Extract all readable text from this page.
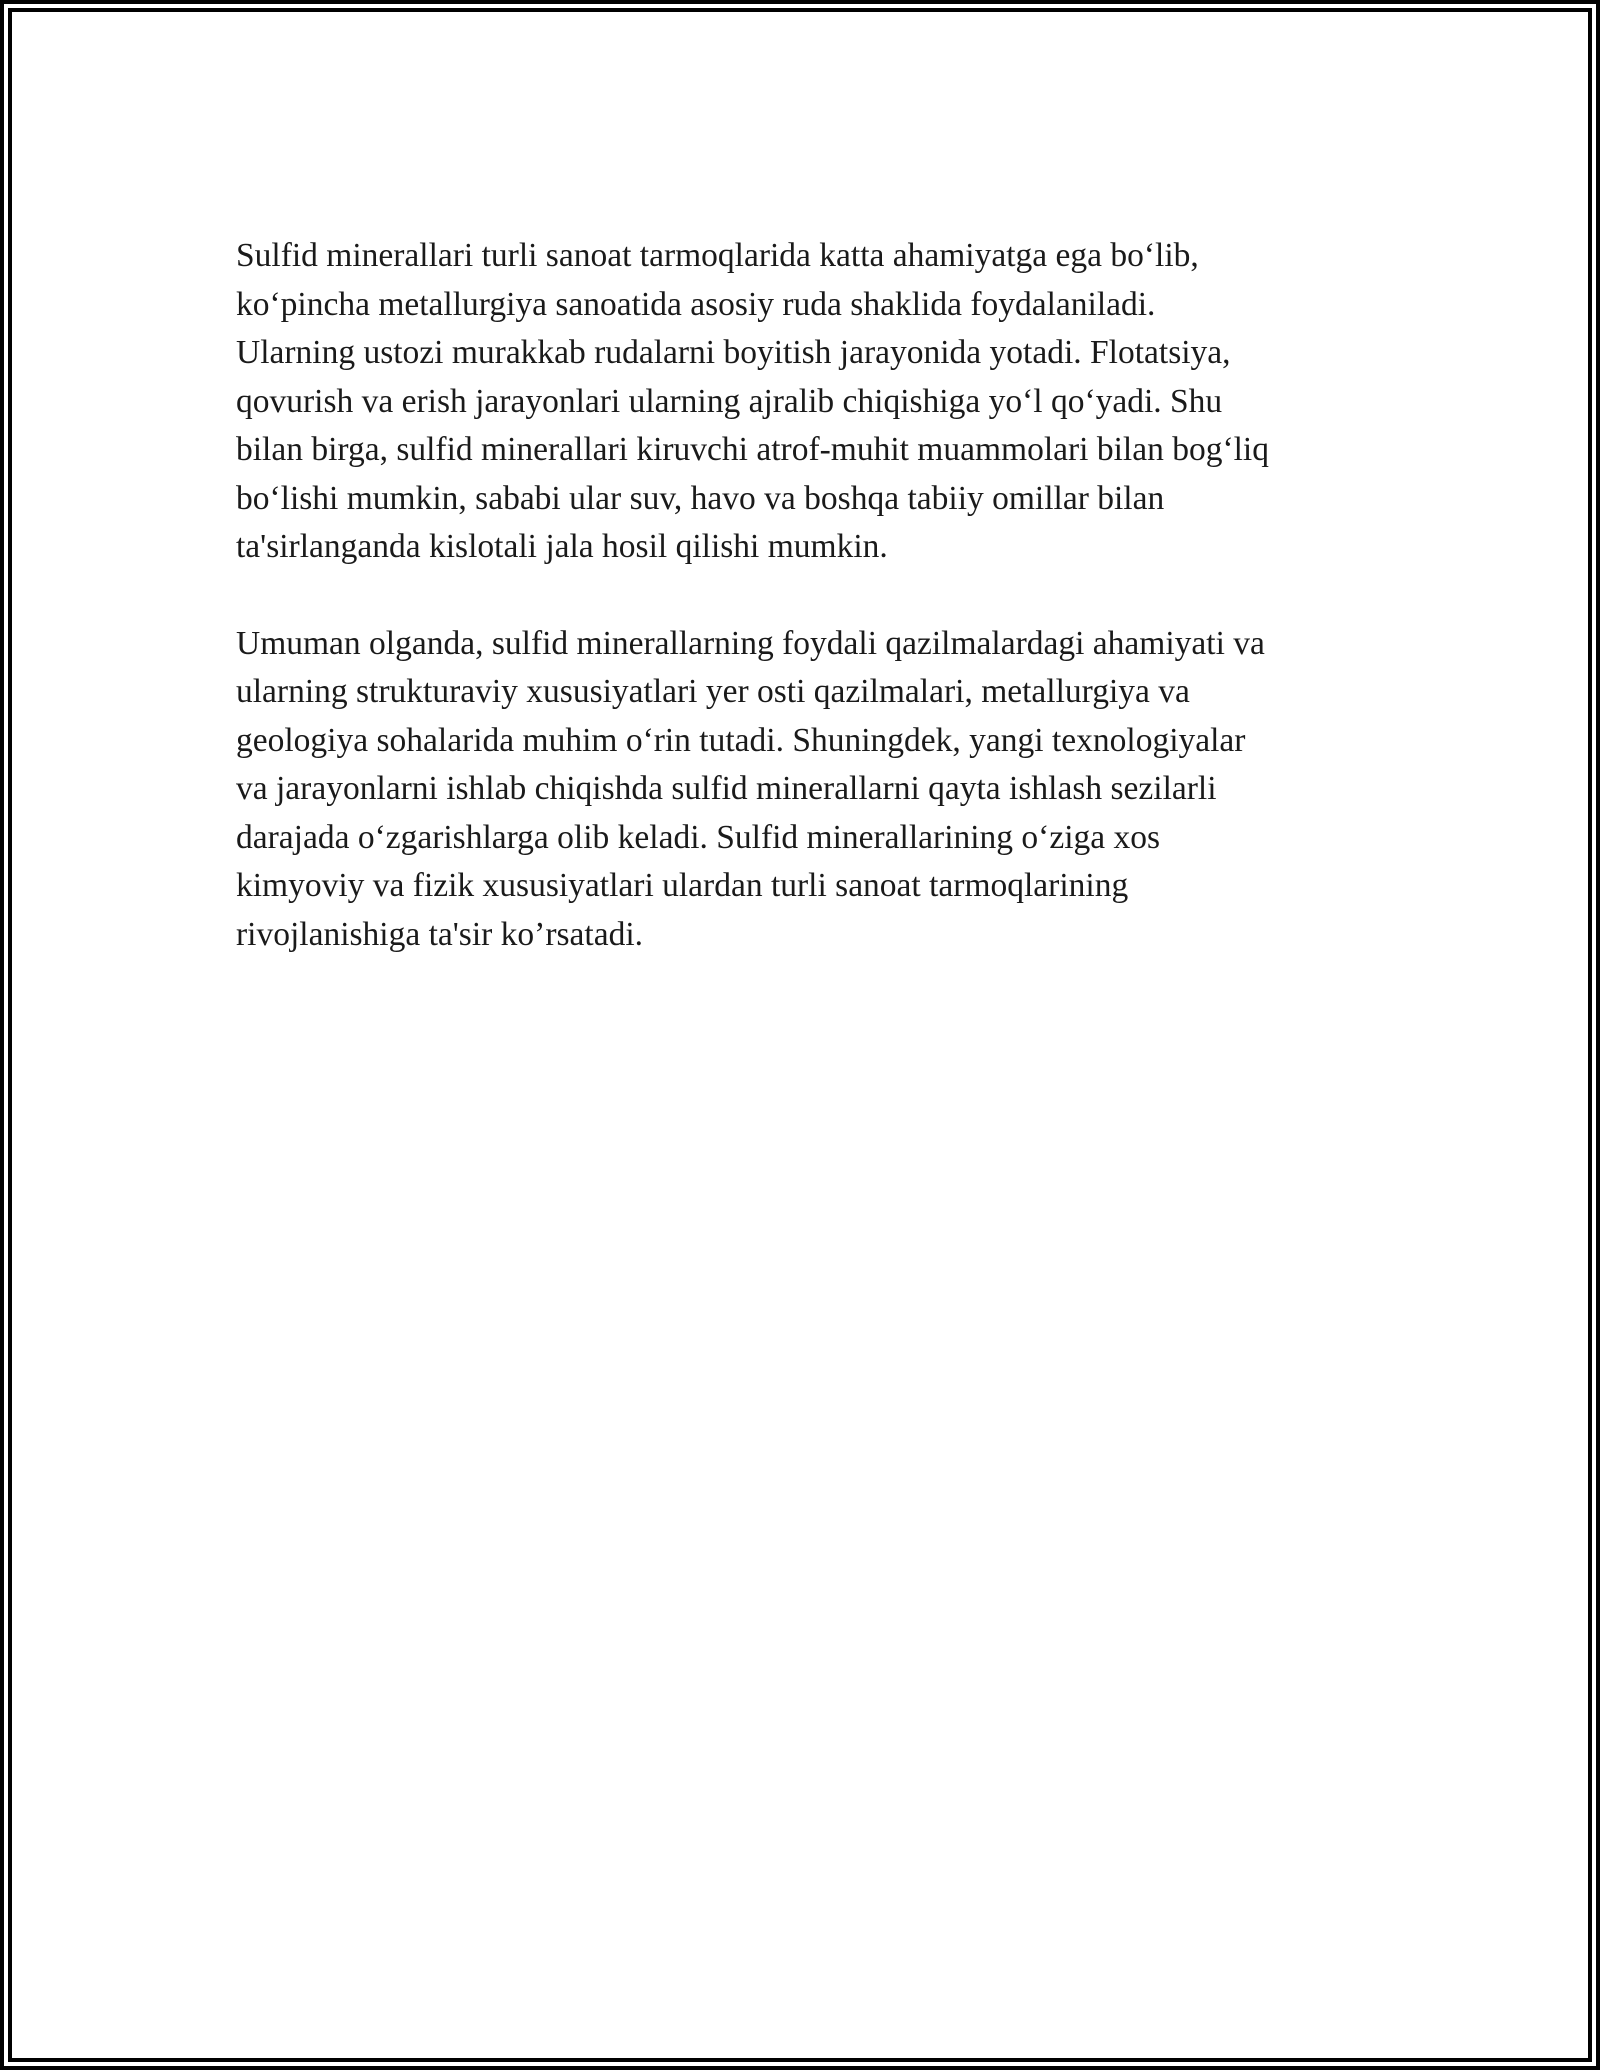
Sulfid minerallari turli sanoat tarmoqlarida katta ahamiyatga ega bo‘lib,
ko‘pincha metallurgiya sanoatida asosiy ruda shaklida foydalaniladi.
Ularning ustozi murakkab rudalarni boyitish jarayonida yotadi. Flotatsiya,
qovurish va erish jarayonlari ularning ajralib chiqishiga yo‘l qo‘yadi. Shu
bilan birga, sulfid minerallari kiruvchi atrof-muhit muammolari bilan bog‘liq
bo‘lishi mumkin, sababi ular suv, havo va boshqa tabiiy omillar bilan
ta'sirlanganda kislotali jala hosil qilishi mumkin.

Umuman olganda, sulfid minerallarning foydali qazilmalardagi ahamiyati va
ularning strukturaviy xususiyatlari yer osti qazilmalari, metallurgiya va
geologiya sohalarida muhim o‘rin tutadi. Shuningdek, yangi texnologiyalar
va jarayonlarni ishlab chiqishda sulfid minerallarni qayta ishlash sezilarli
darajada o‘zgarishlarga olib keladi. Sulfid minerallarining o‘ziga xos
kimyoviy va fizik xususiyatlari ulardan turli sanoat tarmoqlarining
rivojlanishiga ta'sir ko’rsatadi.
